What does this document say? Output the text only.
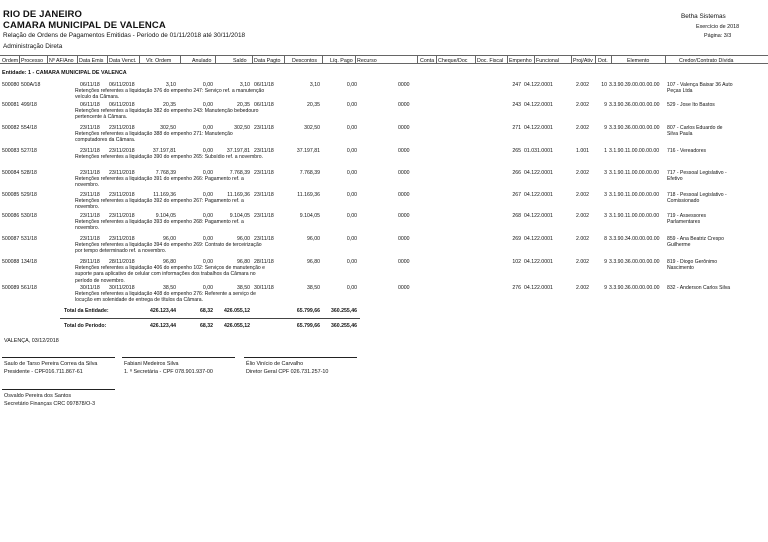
RIO DE JANEIRO
CAMARA MUNICIPAL DE VALENCA
Relação de Ordens de Pagamentos Emitidas - Período de 01/11/2018 até 30/11/2018
Administração Direta
Betha Sistemas
Exercício de 2018
Página: 3/3
Ordem Processo Nº AF/Ano Data Emis Data Venct. Vlr. Ordem	Anulado	Saldo Data Pagto Descontos Líq. Pago Recurso	Conta Cheque/Doc Doc. Fiscal Empenho Funcional	Proj/Ativ Dot.	Elemento	Credor/Contrato Dívida
Entidade: 1 - CAMARA MUNICIPAL DE VALENCA
500080 500A/18	06/11/18 06/11/2018	3,10	0,00	3,10 06/11/18	3,10	0,00	0000	247 04.122.0001	2.002	10 3.3.90.39.00.00.00.00 107 - Valença Baixar 36 Auto Peças Ltda
Retenções referentes a liquidação 376 do empenho 247: Serviço ref. a manutenção veículo da Câmara.
500081 499/18	06/11/18 06/11/2018	20,35	0,00	20,35 06/11/18	20,35	0,00	0000	243 04.122.0001	2.002	9 3.3.90.36.00.00.00.00 529 - Jose Ito Bastos
Retenções referentes a liquidação 382 do empenho 243: Manutenção bebedouro pertencente à Câmara.
500082 554/18	23/11/18 23/11/2018	302,50	0,00	302,50 23/11/18	302,50	0,00	0000	271 04.122.0001	2.002	9 3.3.90.36.00.00.00.00 807 - Carlos Eduardo de Silva Paula
Retenções referentes a liquidação 388 do empenho 271: Manutenção computadores da Câmara.
500083 527/18	23/11/18 23/11/2018	37.197,81	0,00	37.197,81 23/11/18	37.197,81	0,00	0000	265 01.031.0001	1.001	1 3.1.90.11.00.00.00.00 716 - Vereadores
Retenções referentes a liquidação 390 do empenho 265: Subsídio ref. a novembro.
500084 528/18	23/11/18 23/11/2018	7.768,39	0,00	7.768,39 23/11/18	7.768,39	0,00	0000	266 04.122.0001	2.002	3 3.1.90.11.00.00.00.00 717 - Pessoal Legislativo - Efetivo
Retenções referentes a liquidação 391 do empenho 266: Pagamento ref. a novembro.
500085 529/18	23/11/18 23/11/2018	11.169,36	0,00	11.169,36 23/11/18	11.169,36	0,00	0000	267 04.122.0001	2.002	3 3.1.90.11.00.00.00.00 718 - Pessoal Legislativo - Comissionado
Retenções referentes a liquidação 392 do empenho 267: Pagamento ref. a novembro.
500086 530/18	23/11/18 23/11/2018	9.104,05	0,00	9.104,05 23/11/18	9.104,05	0,00	0000	268 04.122.0001	2.002	3 3.1.90.11.00.00.00.00 719 - Assessores Parlamentares
Retenções referentes a liquidação 393 do empenho 268: Pagamento ref. a novembro.
500087 531/18	23/11/18 23/11/2018	96,00	0,00	96,00 23/11/18	96,00	0,00	0000	269 04.122.0001	2.002	8 3.3.90.34.00.00.00.00 859 - Ana Beatriz Crespo Guilherme
Retenções referentes a liquidação 394 do empenho 269: Contrato de terceirização por tempo determinado ref. a novembro.
500088 134/18	28/11/18 28/11/2018	96,80	0,00	96,80 28/11/18	96,80	0,00	0000	102 04.122.0001	2.002	9 3.3.90.36.00.00.00.00 819 - Diogo Gerônimo Nascimento
Retenções referentes a liquidação 406 do empenho 102: Serviços de manutenção e suporte para aplicativo de celular com informações dos trabalhos da Câmara no período de novembro.
500089 561/18	30/11/18 30/11/2018	38,50	0,00	38,50 30/11/18	38,50	0,00	0000	276 04.122.0001	2.002	9 3.3.90.36.00.00.00.00 832 - Anderson Carlos Silva
Retenções referentes a liquidação 408 do empenho 276: Referente a serviço de locução em solenidade de entrega de títulos da Câmara.
Total da Entidade:	426.123,44	68,32	426.055,12	65.799,66	360.255,46
Total do Período:	426.123,44	68,32	426.055,12	65.799,66	360.255,46
VALENÇA, 03/12/2018
Saulo de Tarso Pereira Correa da Silva
Presidente - CPF016.711.867-61
Fabiani Medeiros Silva
1. º Secretária - CPF 078.901.937-00
Élio Vinício de Carvalho
Diretor Geral CPF 026.731.257-10
Osvaldo Pereira dos Santos
Secretário Finanças CRC 097878/O-3
